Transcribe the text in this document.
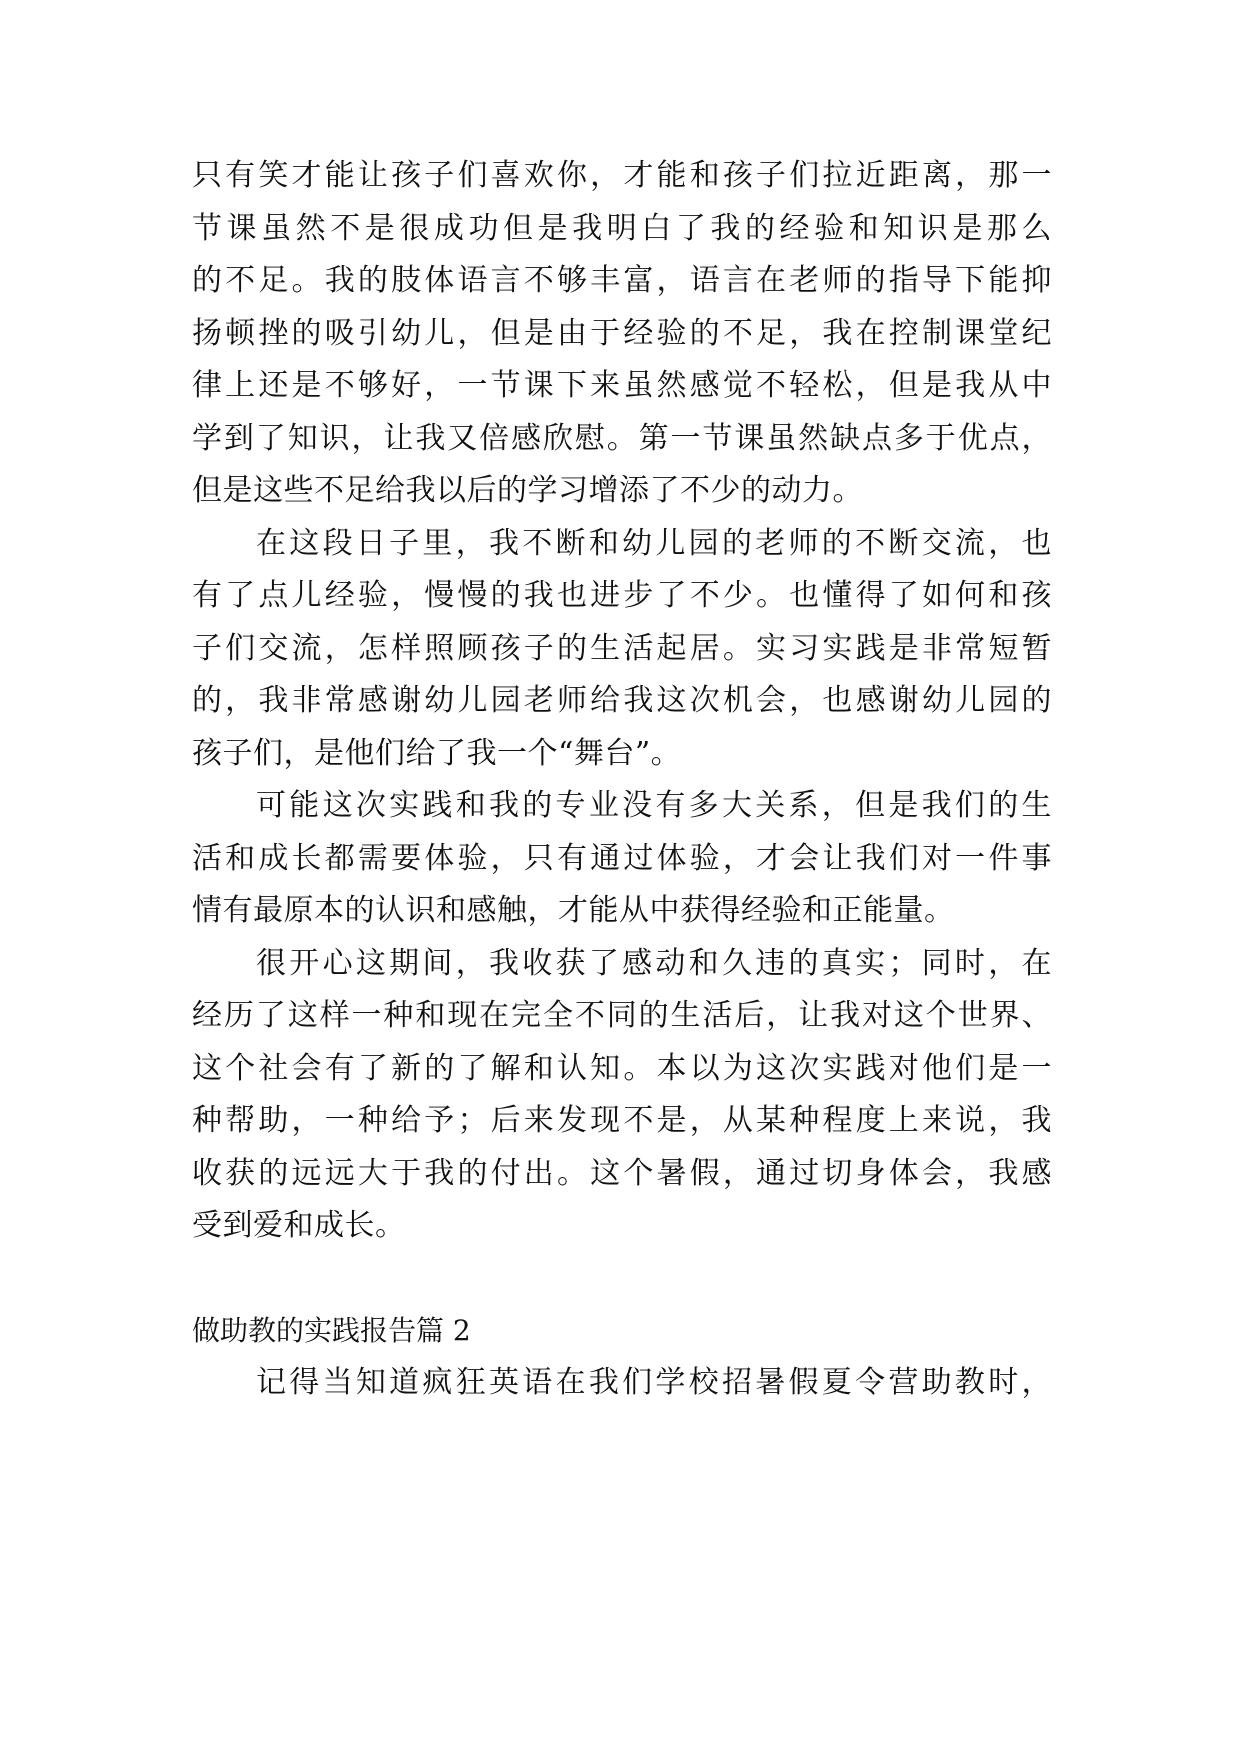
只有笑才能让孩子们喜欢你，才能和孩子们拉近距离，那一
节课虽然不是很成功但是我明白了我的经验和知识是那么
的不足。我的肢体语言不够丰富，语言在老师的指导下能抑
扬顿挫的吸引幼儿，但是由于经验的不足，我在控制课堂纪
律上还是不够好，一节课下来虽然感觉不轻松，但是我从中
学到了知识，让我又倍感欣慰。第一节课虽然缺点多于优点，
但是这些不足给我以后的学习增添了不少的动力。
在这段日子里，我不断和幼儿园的老师的不断交流，也
有了点儿经验，慢慢的我也进步了不少。也懂得了如何和孩
子们交流，怎样照顾孩子的生活起居。实习实践是非常短暂
的，我非常感谢幼儿园老师给我这次机会，也感谢幼儿园的
孩子们，是他们给了我一个“舞台”。
可能这次实践和我的专业没有多大关系，但是我们的生
活和成长都需要体验，只有通过体验，才会让我们对一件事
情有最原本的认识和感触，才能从中获得经验和正能量。
很开心这期间，我收获了感动和久违的真实；同时，在
经历了这样一种和现在完全不同的生活后，让我对这个世界、
这个社会有了新的了解和认知。本以为这次实践对他们是一
种帮助，一种给予；后来发现不是，从某种程度上来说，我
收获的远远大于我的付出。这个暑假，通过切身体会，我感
受到爱和成长。
做助教的实践报告篇 2
记得当知道疯狂英语在我们学校招暑假夏令营助教时，
